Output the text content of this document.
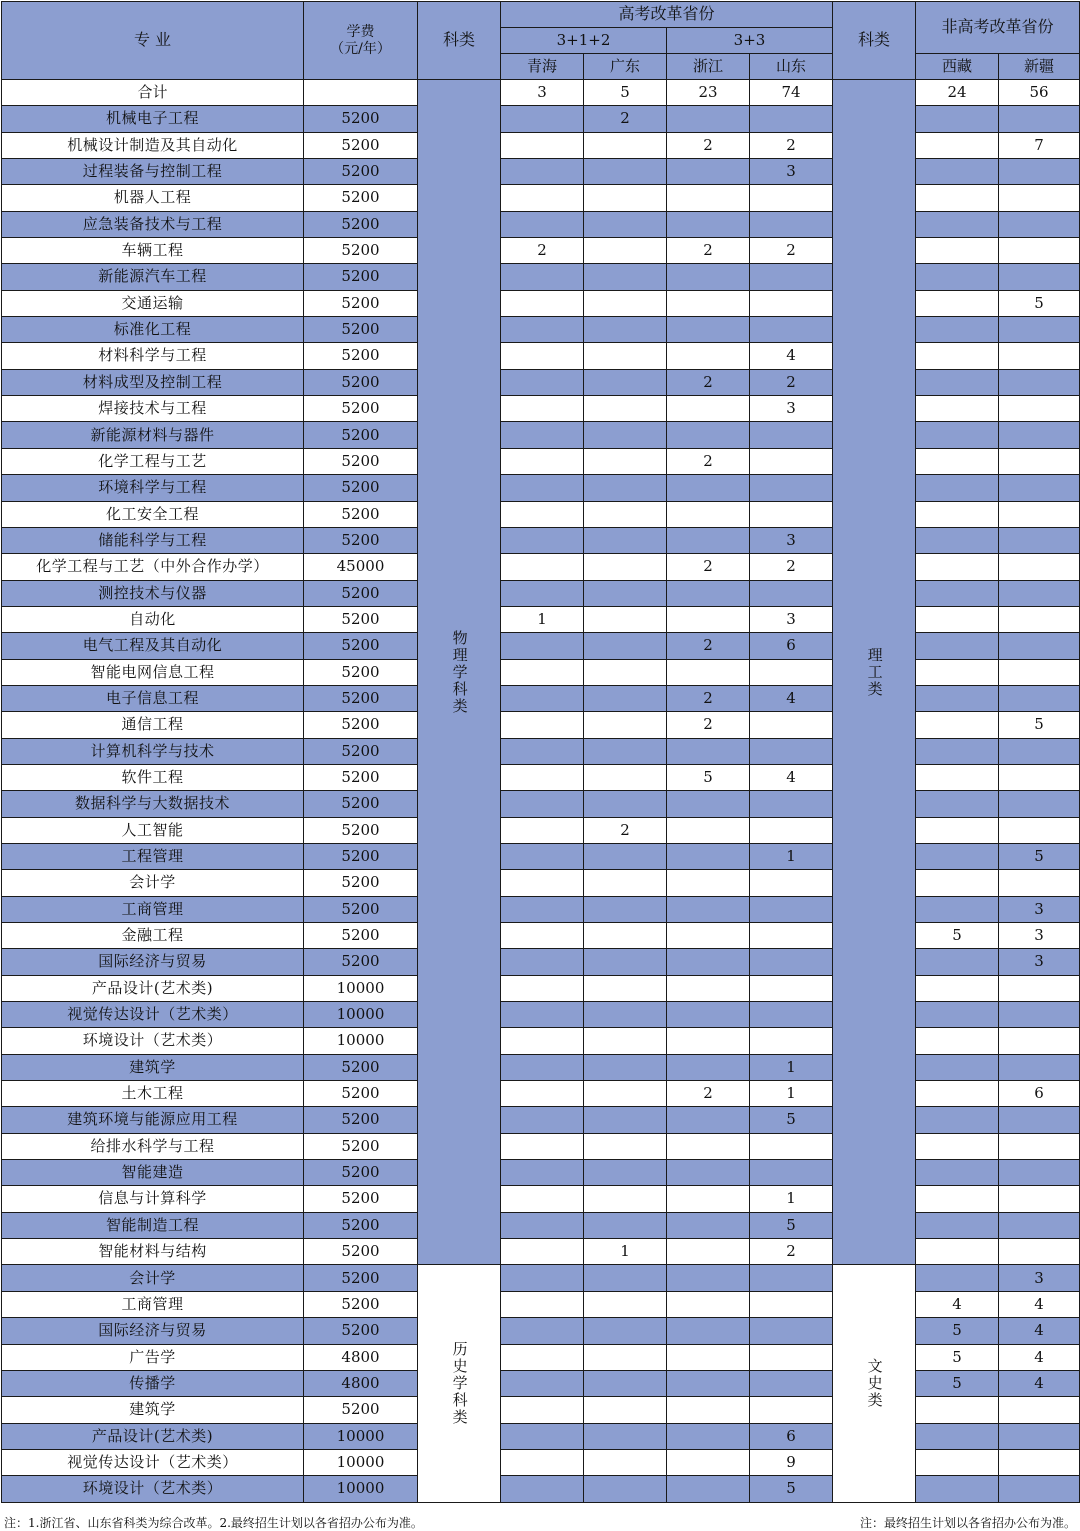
专 业	学费
（元/年）	科类	高考改革省份				科类	非高考改革省份	
			3+1+2		3+3				
			青海	广东	浙江	山东		西藏	新疆
合计		物理学科类	3	5	23	74	理工类	24	56
机械电子工程	5200			2					
机械设计制造及其自动化	5200				2	2			7
过程装备与控制工程	5200					3			
机器人工程	5200								
应急装备技术与工程	5200								
车辆工程	5200		2		2	2			
新能源汽车工程	5200								
交通运输	5200								5
标准化工程	5200								
材料科学与工程	5200					4			
材料成型及控制工程	5200				2	2			
焊接技术与工程	5200					3			
新能源材料与器件	5200								
化学工程与工艺	5200				2				
环境科学与工程	5200								
化工安全工程	5200								
储能科学与工程	5200					3			
化学工程与工艺（中外合作办学）	45000				2	2			
测控技术与仪器	5200								
自动化	5200		1			3			
电气工程及其自动化	5200				2	6			
智能电网信息工程	5200								
电子信息工程	5200				2	4			
通信工程	5200				2				5
计算机科学与技术	5200								
软件工程	5200				5	4			
数据科学与大数据技术	5200								
人工智能	5200			2					
工程管理	5200					1			5
会计学	5200								
工商管理	5200								3
金融工程	5200							5	3
国际经济与贸易	5200								3
产品设计(艺术类)	10000								
视觉传达设计（艺术类）	10000								
环境设计（艺术类）	10000								
建筑学	5200					1			
土木工程	5200				2	1			6
建筑环境与能源应用工程	5200					5			
给排水科学与工程	5200								
智能建造	5200								
信息与计算科学	5200					1			
智能制造工程	5200					5			
智能材料与结构	5200			1		2			
会计学	5200	历史学科类					文史类		3
工商管理	5200							4	4
国际经济与贸易	5200							5	4
广告学	4800							5	4
传播学	4800							5	4
建筑学	5200								
产品设计(艺术类)	10000					6			
视觉传达设计（艺术类）	10000					9			
环境设计（艺术类）	10000					5			
注：1.浙江省、山东省科类为综合改革。2.最终招生计划以各省招办公布为准。	注：最终招生计划以各省招办公布为准。
